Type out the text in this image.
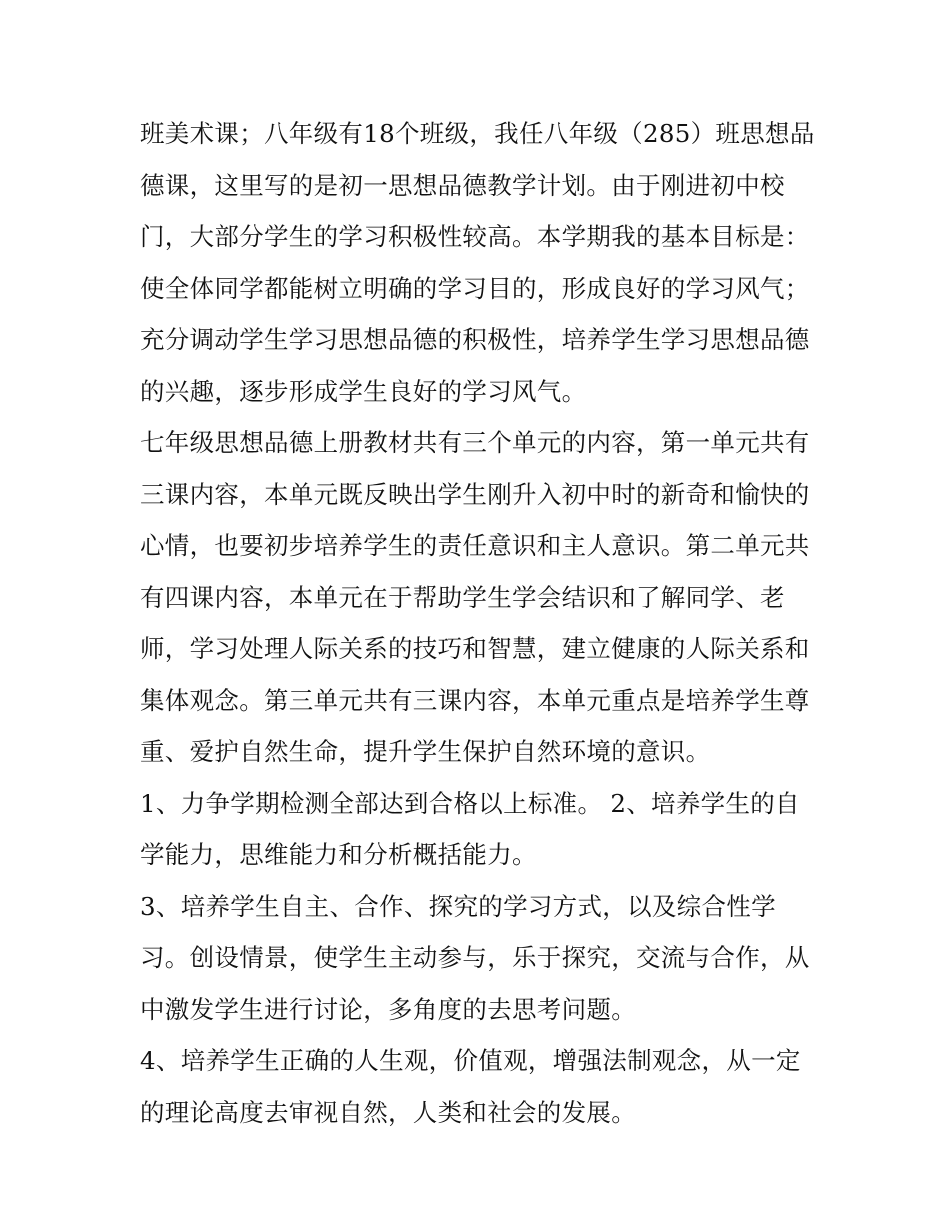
班美术课；八年级有18个班级，我任八年级（285）班思想品
德课，这里写的是初一思想品德教学计划。由于刚进初中校
门，大部分学生的学习积极性较高。本学期我的基本目标是：
使全体同学都能树立明确的学习目的，形成良好的学习风气；
充分调动学生学习思想品德的积极性，培养学生学习思想品德
的兴趣，逐步形成学生良好的学习风气。

七年级思想品德上册教材共有三个单元的内容，第一单元共有
三课内容，本单元既反映出学生刚升入初中时的新奇和愉快的
心情，也要初步培养学生的责任意识和主人意识。第二单元共
有四课内容，本单元在于帮助学生学会结识和了解同学、老
师，学习处理人际关系的技巧和智慧，建立健康的人际关系和
集体观念。第三单元共有三课内容，本单元重点是培养学生尊
重、爱护自然生命，提升学生保护自然环境的意识。

1、力争学期检测全部达到合格以上标准。 2、培养学生的自
学能力，思维能力和分析概括能力。

3、培养学生自主、合作、探究的学习方式，以及综合性学
习。创设情景，使学生主动参与，乐于探究，交流与合作，从
中激发学生进行讨论，多角度的去思考问题。

4、培养学生正确的人生观，价值观，增强法制观念，从一定
的理论高度去审视自然，人类和社会的发展。
